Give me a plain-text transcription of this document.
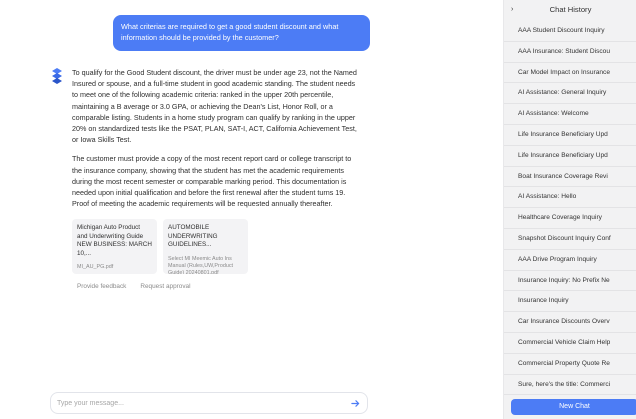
What criterias are required to get a good student discount and what information should be provided by the customer?

To qualify for the Good Student discount, the driver must be under age 23, not the Named Insured or spouse, and a full-time student in good academic standing. The student needs to meet one of the following academic criteria: ranked in the upper 20th percentile, maintaining a B average or 3.0 GPA, or achieving the Dean's List, Honor Roll, or a comparable listing. Students in a home study program can qualify by ranking in the upper 20% on standardized tests like the PSAT, PLAN, SAT-I, ACT, California Achievement Test, or Iowa Skills Test.

The customer must provide a copy of the most recent report card or college transcript to the insurance company, showing that the student has met the academic requirements during the most recent semester or comparable marking period. This documentation is needed upon initial qualification and before the first renewal after the student turns 19. Proof of meeting the academic requirements will be requested annually thereafter.

Michigan Auto Product and Underwriting Guide NEW BUSINESS: MARCH 10,...
MI_AU_PG.pdf
AUTOMOBILE UNDERWRITING GUIDELINES...
Select MI Meemic Auto Ins Manual (Rules,UW,Product Guide) 20240801.pdf
Provide feedback Request approval
Type your message...
›	Chat History
AAA Student Discount Inquiry
AAA Insurance: Student Discou
Car Model Impact on Insurance
AI Assistance: General Inquiry
AI Assistance: Welcome
Life Insurance Beneficiary Upd
Life Insurance Beneficiary Upd
Boat Insurance Coverage Revi
AI Assistance: Hello
Healthcare Coverage Inquiry
Snapshot Discount Inquiry Conf
AAA Drive Program Inquiry
Insurance Inquiry: No Prefix Ne
Insurance Inquiry
Car Insurance Discounts Overv
Commercial Vehicle Claim Help
Commercial Property Quote Re
Sure, here's the title: Commerci
New Chat
